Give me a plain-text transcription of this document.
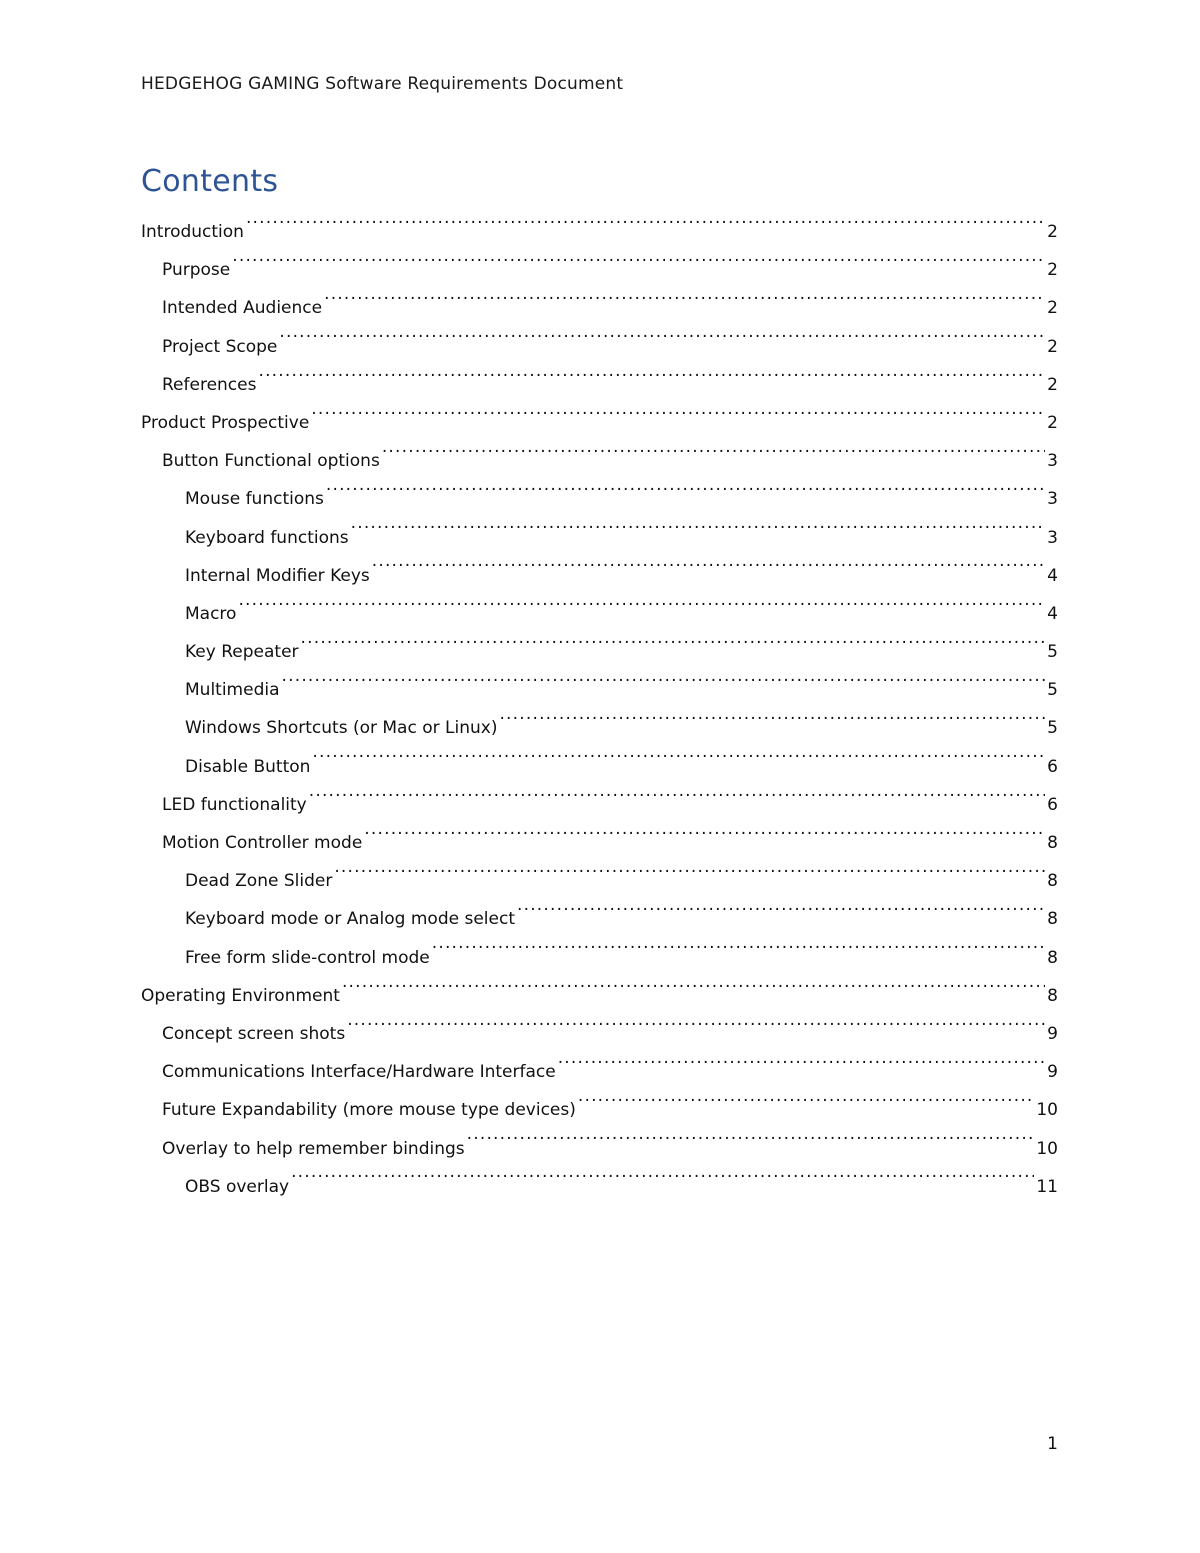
HEDGEHOG GAMING Software Requirements Document
Contents
Introduction .....	2
Purpose .....	2
Intended Audience .....	2
Project Scope .....	2
References .....	2
Product Prospective .....	2
Button Functional options .....	3
Mouse functions .....	3
Keyboard functions .....	3
Internal Modifier Keys .....	4
Macro .....	4
Key Repeater .....	5
Multimedia .....	5
Windows Shortcuts (or Mac or Linux) .....	5
Disable Button .....	6
LED functionality .....	6
Motion Controller mode .....	8
Dead Zone Slider .....	8
Keyboard mode or Analog mode select .....	8
Free form slide-control mode .....	8
Operating Environment .....	8
Concept screen shots .....	9
Communications Interface/Hardware Interface .....	9
Future Expandability (more mouse type devices) .....	10
Overlay to help remember bindings .....	10
OBS overlay .....	11
1
